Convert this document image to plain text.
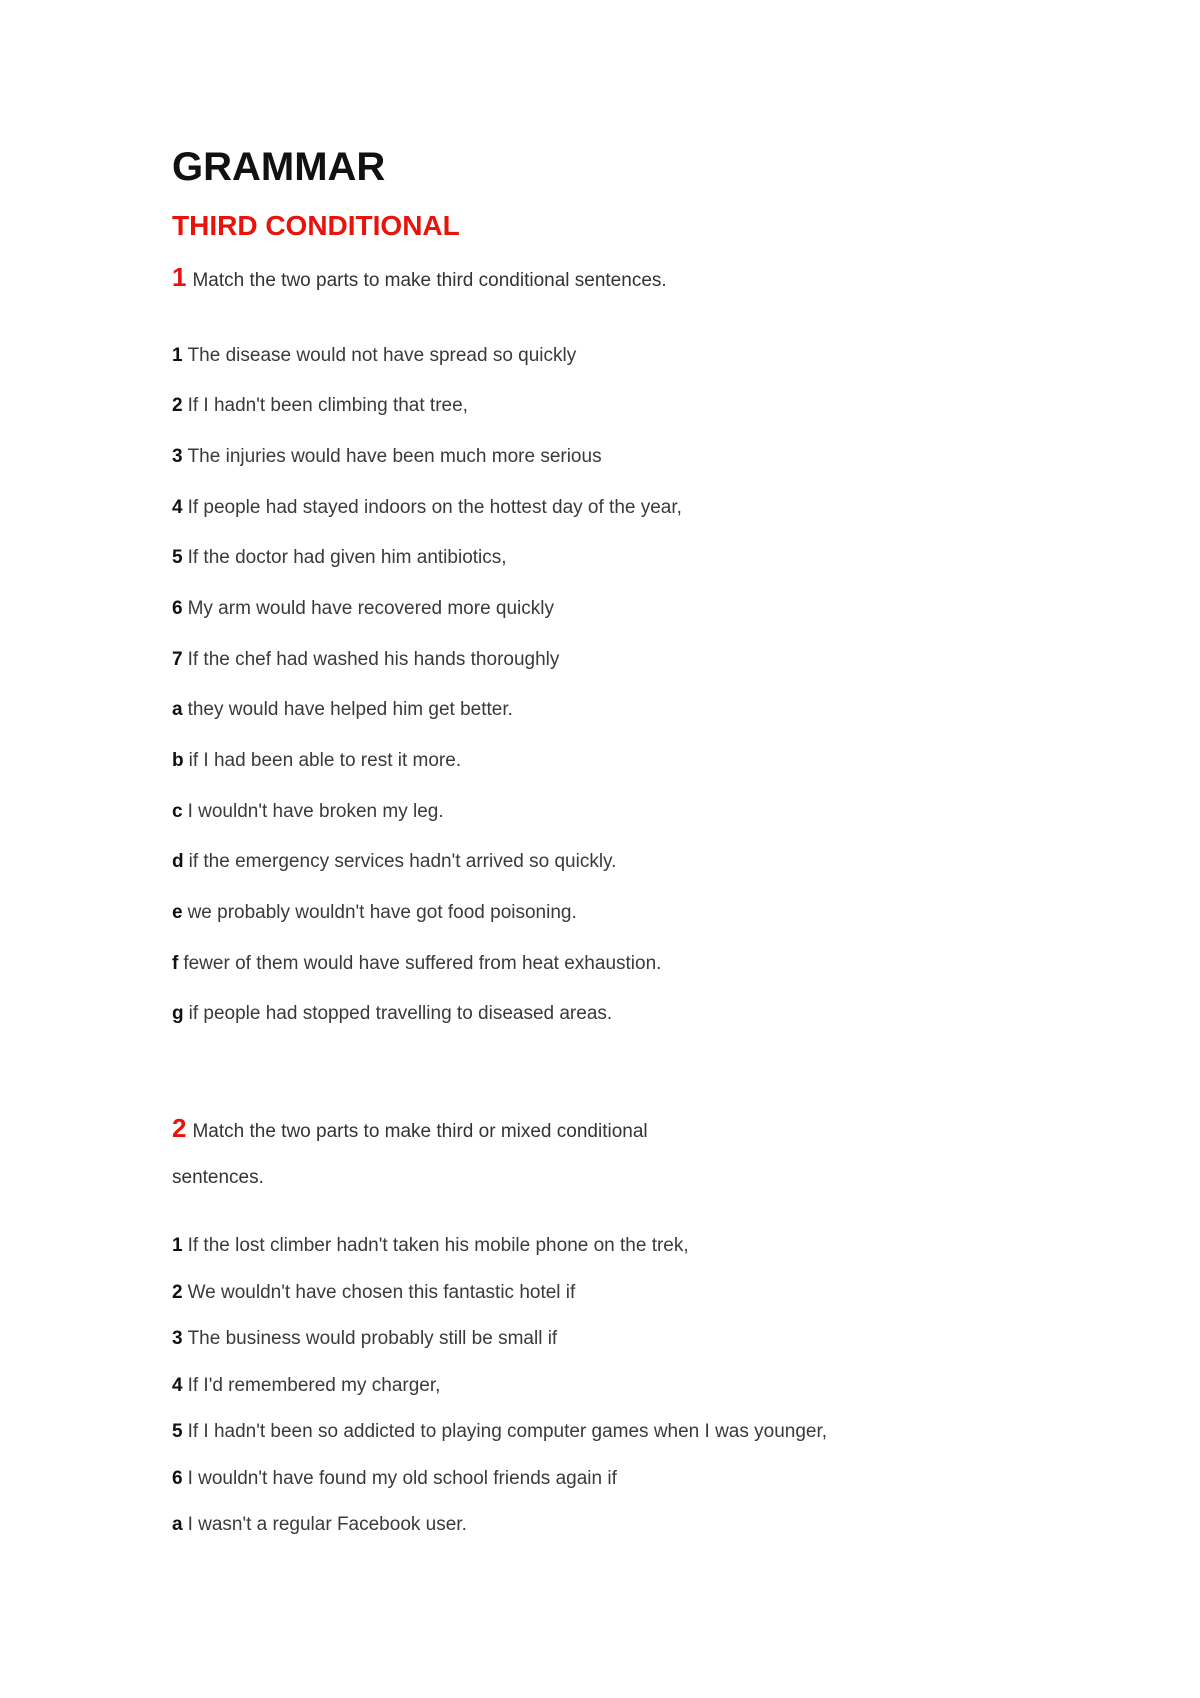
GRAMMAR
THIRD CONDITIONAL

1 Match the two parts to make third conditional sentences.

1 The disease would not have spread so quickly

2 If I hadn't been climbing that tree,

3 The injuries would have been much more serious

4 If people had stayed indoors on the hottest day of the year,

5 If the doctor had given him antibiotics,

6 My arm would have recovered more quickly

7 If the chef had washed his hands thoroughly

a they would have helped him get better.

b if I had been able to rest it more.

c I wouldn't have broken my leg.

d if the emergency services hadn't arrived so quickly.

e we probably wouldn't have got food poisoning.

f fewer of them would have suffered from heat exhaustion.

g if people had stopped travelling to diseased areas.

2 Match the two parts to make third or mixed conditional

sentences.

1 If the lost climber hadn't taken his mobile phone on the trek,

2 We wouldn't have chosen this fantastic hotel if

3 The business would probably still be small if

4 If I'd remembered my charger,

5 If I hadn't been so addicted to playing computer games when I was younger,

6 I wouldn't have found my old school friends again if

a I wasn't a regular Facebook user.
